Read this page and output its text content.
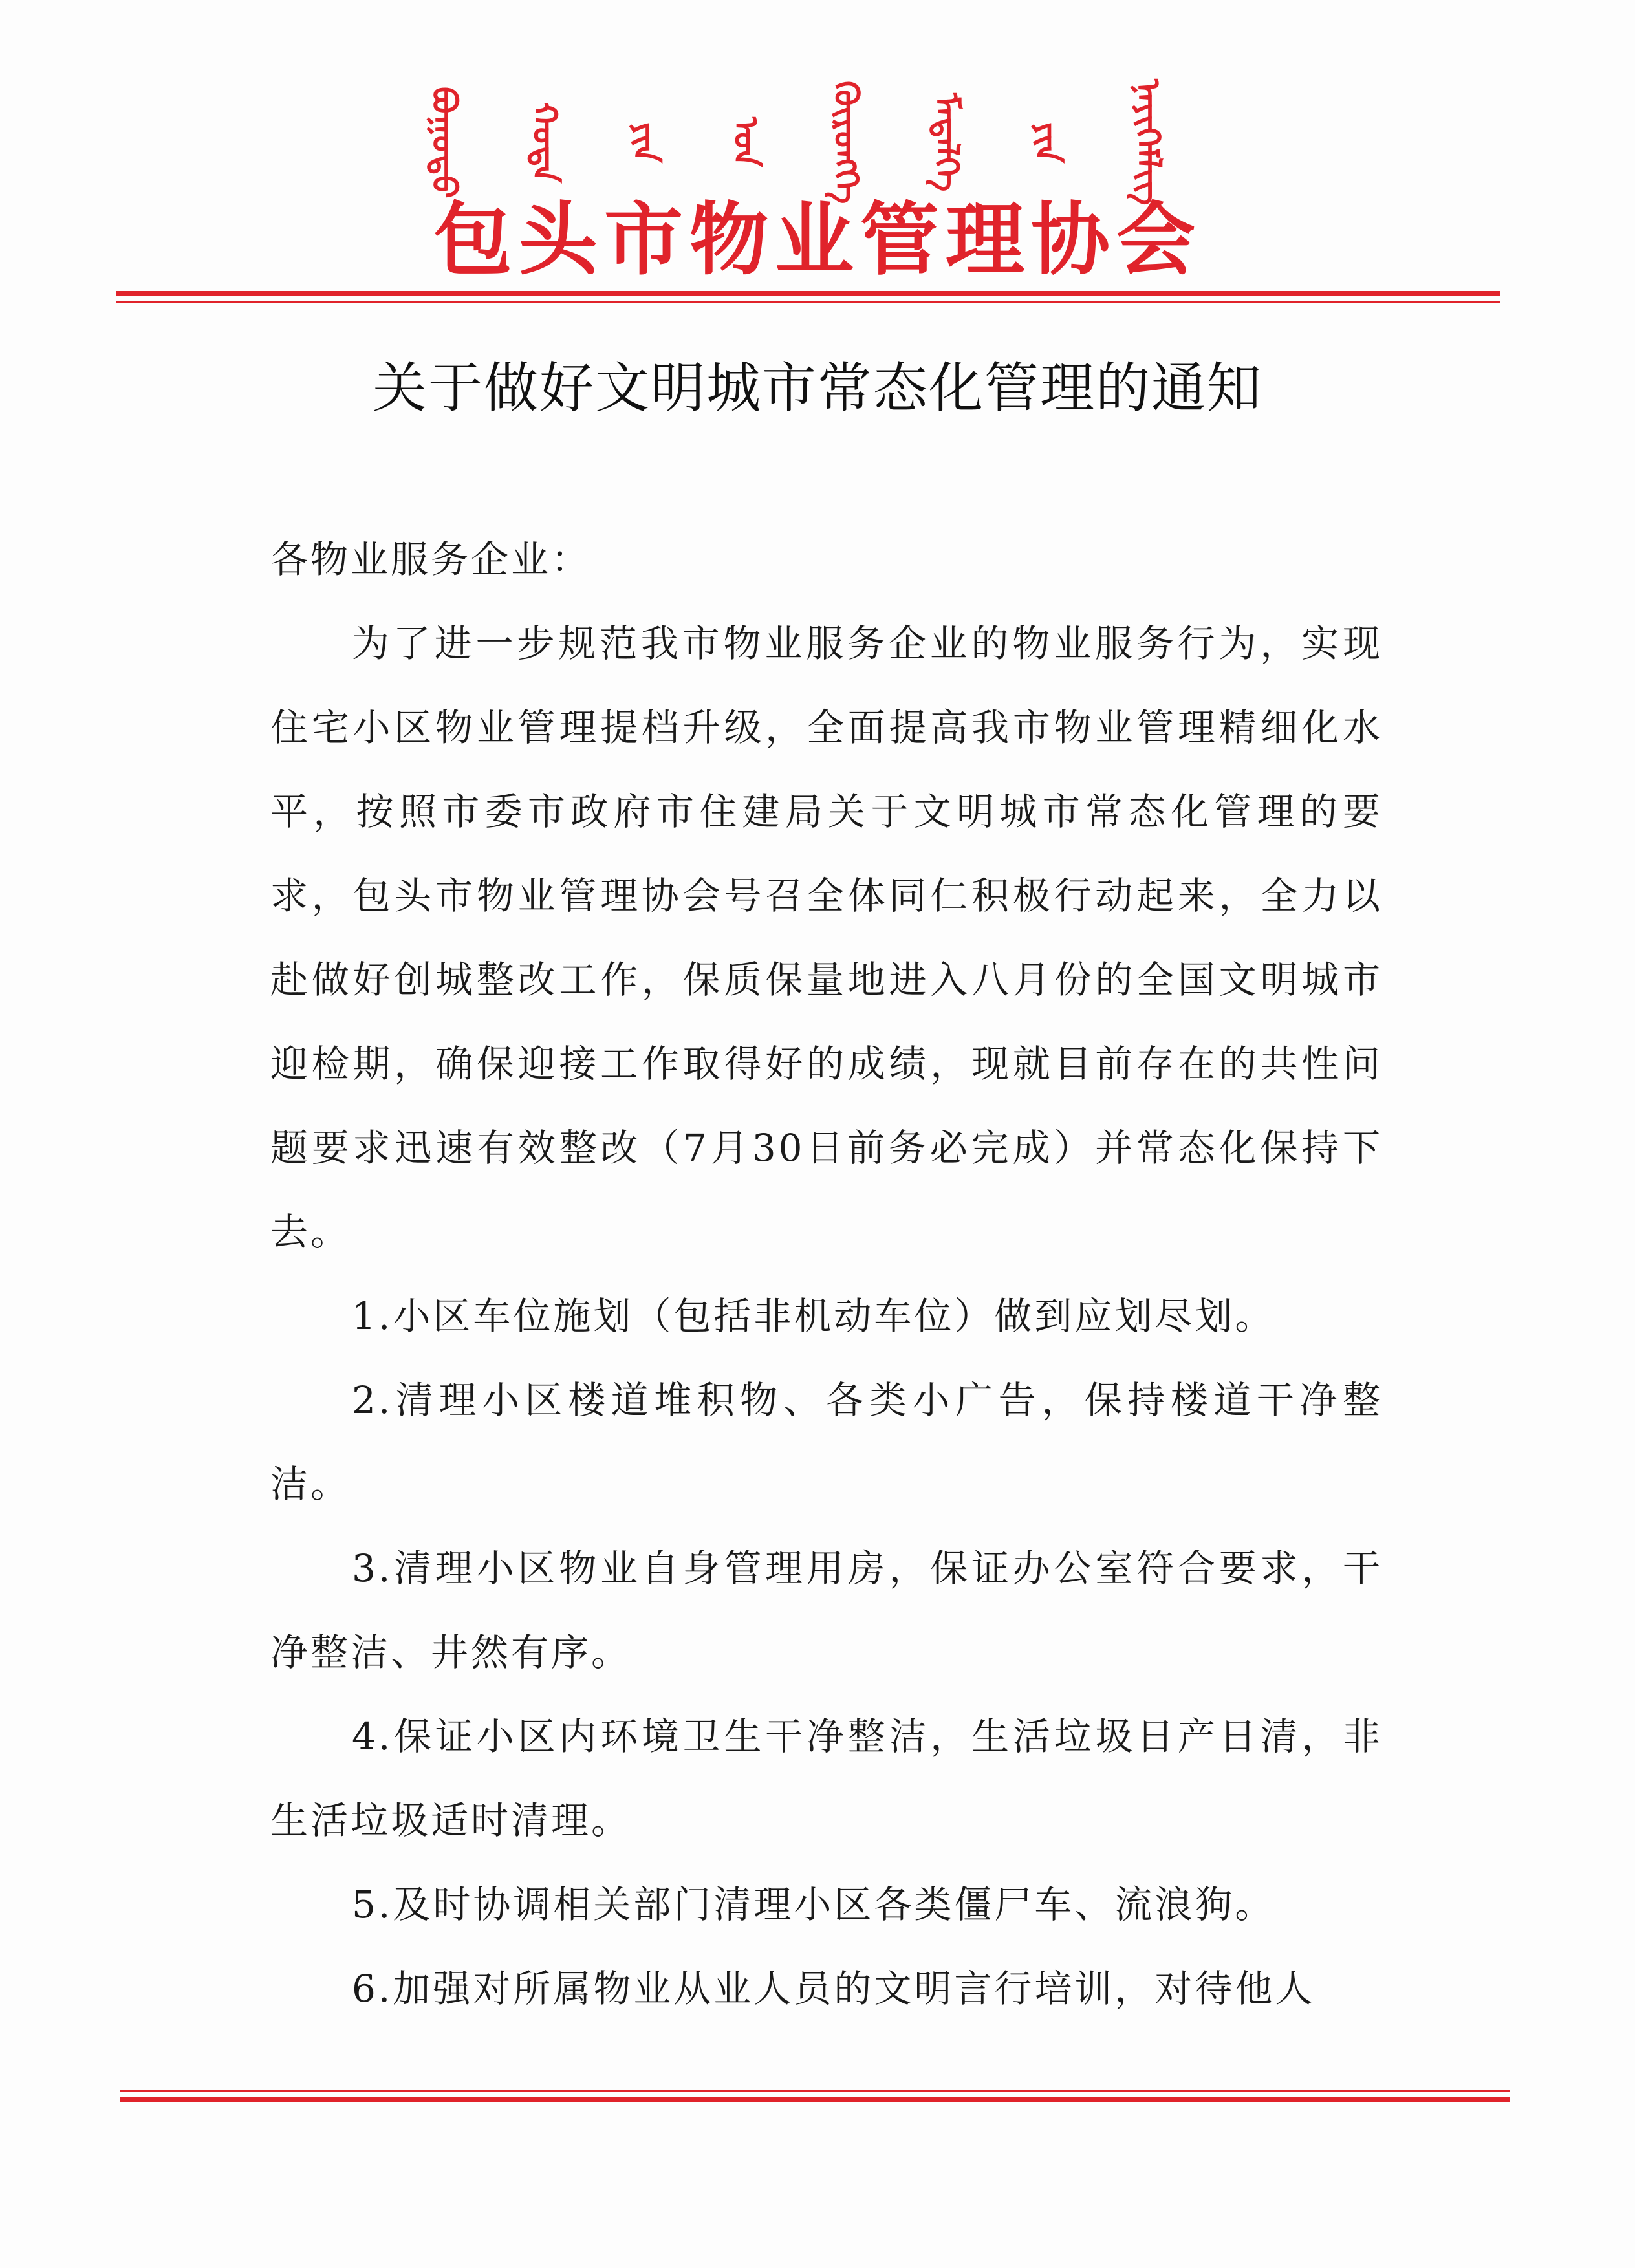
ᠪᠣᠭᠣᠲᠣ ᠬᠣᠲᠠ ᠶᠢᠨ ᠡᠳ ᠬᠥᠷᠥᠩᠭᠡ ᠮᠡᠳᠡᠯᠭᠡ ᠶᠢᠨ ᠨᠡᠶᠢᠭᠡᠮᠯᠢᠭ
包头市物业管理协会
关于做好文明城市常态化管理的通知

各物业服务企业：

为了进一步规范我市物业服务企业的物业服务行为，实现住宅小区物业管理提档升级，全面提高我市物业管理精细化水平，按照市委市政府市住建局关于文明城市常态化管理的要求，包头市物业管理协会号召全体同仁积极行动起来，全力以赴做好创城整改工作，保质保量地进入八月份的全国文明城市迎检期，确保迎接工作取得好的成绩，现就目前存在的共性问题要求迅速有效整改（7月30日前务必完成）并常态化保持下去。

1.小区车位施划（包括非机动车位）做到应划尽划。

2.清理小区楼道堆积物、各类小广告，保持楼道干净整洁。

3.清理小区物业自身管理用房，保证办公室符合要求，干净整洁、井然有序。

4.保证小区内环境卫生干净整洁，生活垃圾日产日清，非生活垃圾适时清理。

5.及时协调相关部门清理小区各类僵尸车、流浪狗。

6.加强对所属物业从业人员的文明言行培训，对待他人
